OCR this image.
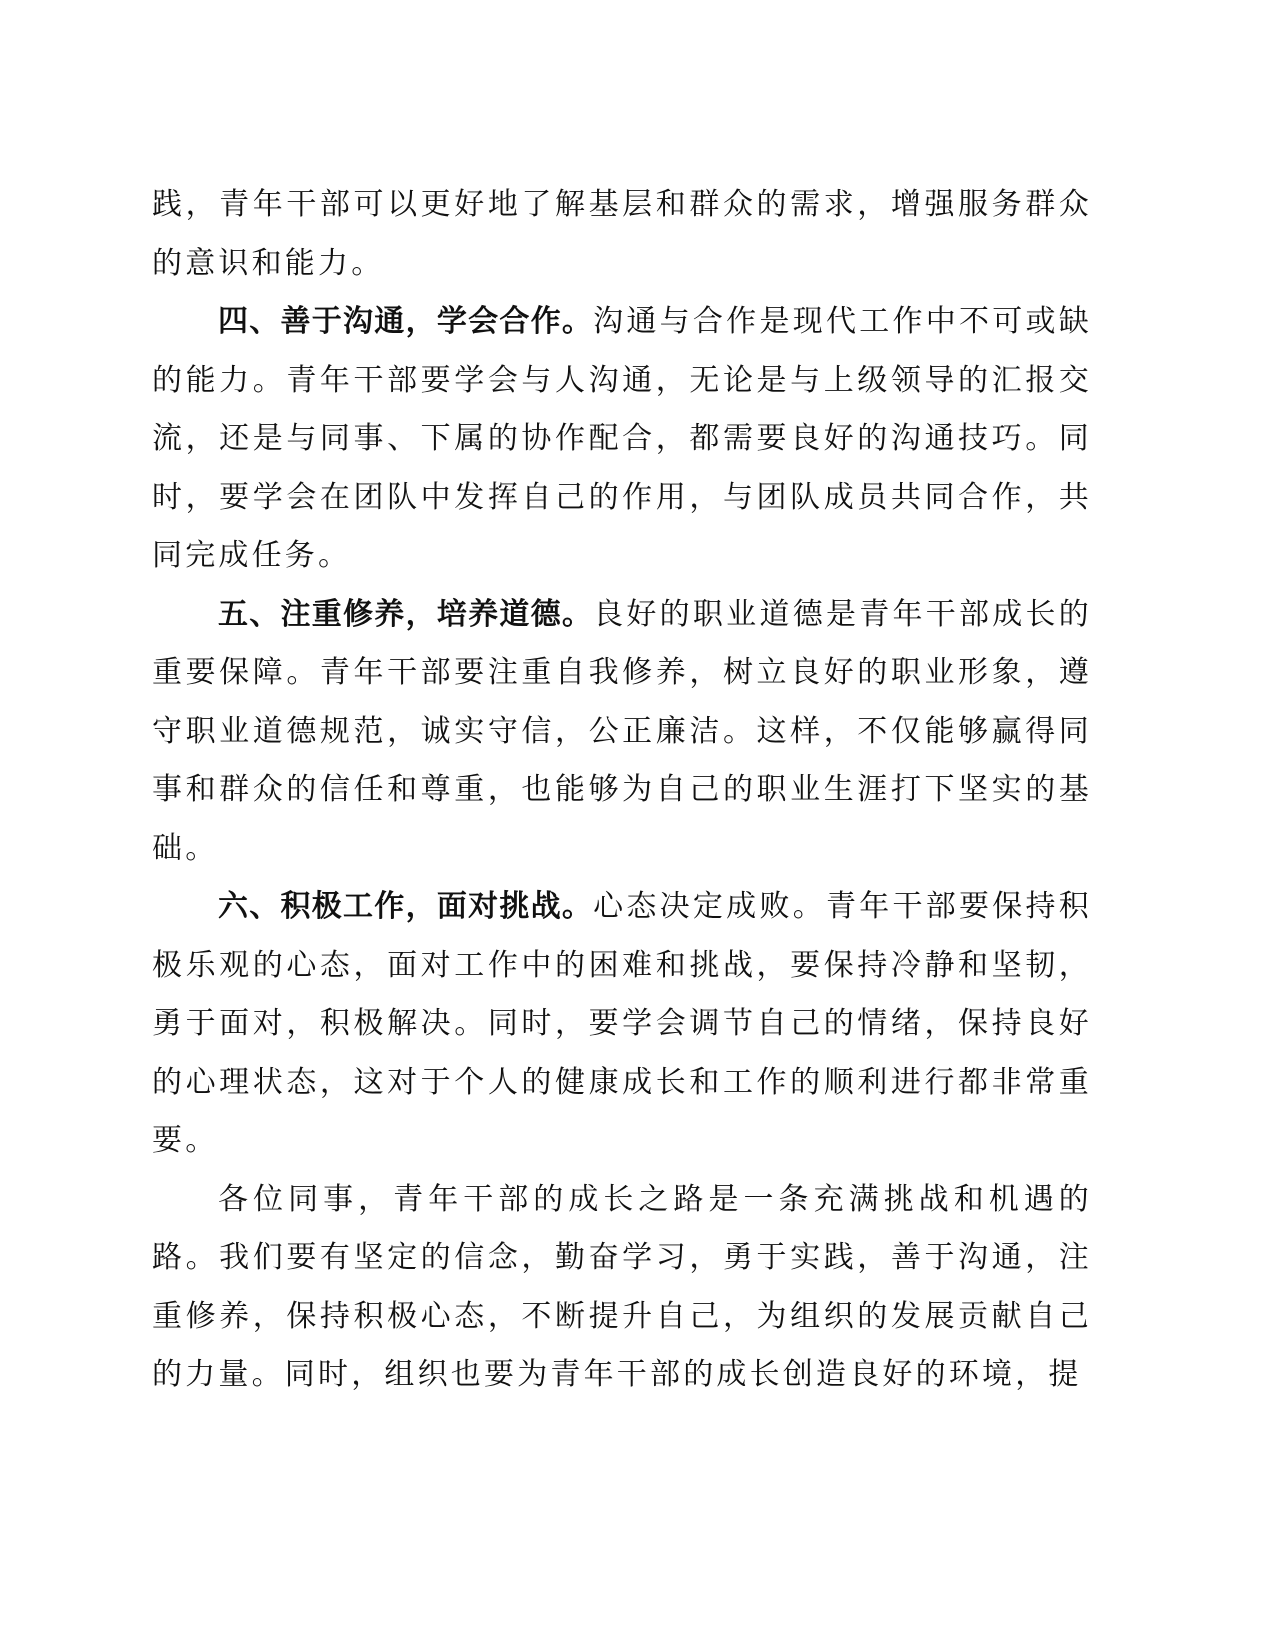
践，青年干部可以更好地了解基层和群众的需求，增强服务群众的意识和能力。

四、善于沟通，学会合作。沟通与合作是现代工作中不可或缺的能力。青年干部要学会与人沟通，无论是与上级领导的汇报交流，还是与同事、下属的协作配合，都需要良好的沟通技巧。同时，要学会在团队中发挥自己的作用，与团队成员共同合作，共同完成任务。

五、注重修养，培养道德。良好的职业道德是青年干部成长的重要保障。青年干部要注重自我修养，树立良好的职业形象，遵守职业道德规范，诚实守信，公正廉洁。这样，不仅能够赢得同事和群众的信任和尊重，也能够为自己的职业生涯打下坚实的基础。

六、积极工作，面对挑战。心态决定成败。青年干部要保持积极乐观的心态，面对工作中的困难和挑战，要保持冷静和坚韧，勇于面对，积极解决。同时，要学会调节自己的情绪，保持良好的心理状态，这对于个人的健康成长和工作的顺利进行都非常重要。

各位同事，青年干部的成长之路是一条充满挑战和机遇的路。我们要有坚定的信念，勤奋学习，勇于实践，善于沟通，注重修养，保持积极心态，不断提升自己，为组织的发展贡献自己的力量。同时，组织也要为青年干部的成长创造良好的环境，提
